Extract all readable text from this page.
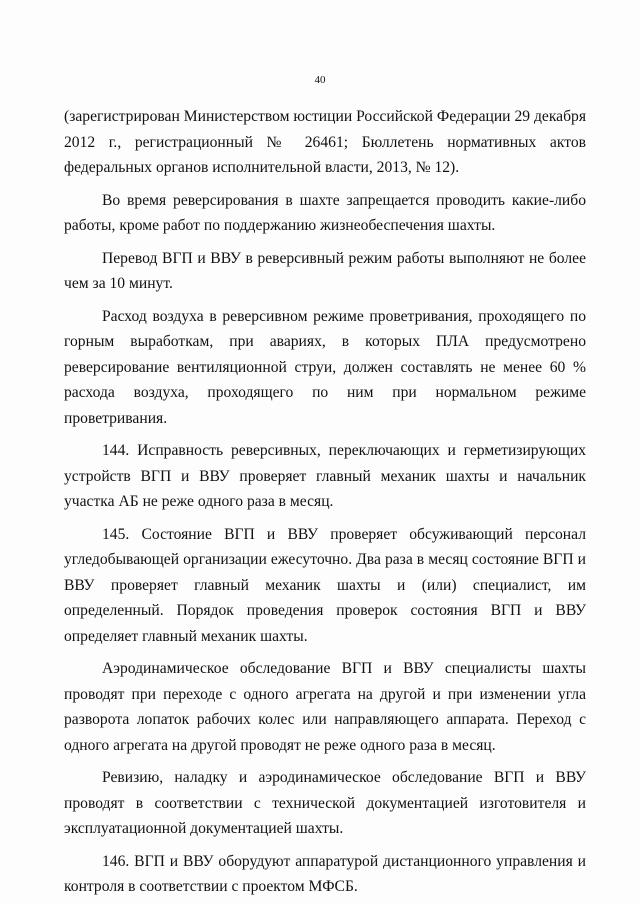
40

(зарегистрирован Министерством юстиции Российской Федерации 29 декабря 2012 г., регистрационный № 26461; Бюллетень нормативных актов федеральных органов исполнительной власти, 2013, № 12).

Во время реверсирования в шахте запрещается проводить какие-либо работы, кроме работ по поддержанию жизнеобеспечения шахты.

Перевод ВГП и ВВУ в реверсивный режим работы выполняют не более чем за 10 минут.

Расход воздуха в реверсивном режиме проветривания, проходящего по горным выработкам, при авариях, в которых ПЛА предусмотрено реверсирование вентиляционной струи, должен составлять не менее 60 % расхода воздуха, проходящего по ним при нормальном режиме проветривания.

144. Исправность реверсивных, переключающих и герметизирующих устройств ВГП и ВВУ проверяет главный механик шахты и начальник участка АБ не реже одного раза в месяц.

145. Состояние ВГП и ВВУ проверяет обсуживающий персонал угледобывающей организации ежесуточно. Два раза в месяц состояние ВГП и ВВУ проверяет главный механик шахты и (или) специалист, им определенный. Порядок проведения проверок состояния ВГП и ВВУ определяет главный механик шахты.

Аэродинамическое обследование ВГП и ВВУ специалисты шахты проводят при переходе с одного агрегата на другой и при изменении угла разворота лопаток рабочих колес или направляющего аппарата. Переход с одного агрегата на другой проводят не реже одного раза в месяц.

Ревизию, наладку и аэродинамическое обследование ВГП и ВВУ проводят в соответствии с технической документацией изготовителя и эксплуатационной документацией шахты.

146. ВГП и ВВУ оборудуют аппаратурой дистанционного управления и контроля в соответствии с проектом МФСБ.
